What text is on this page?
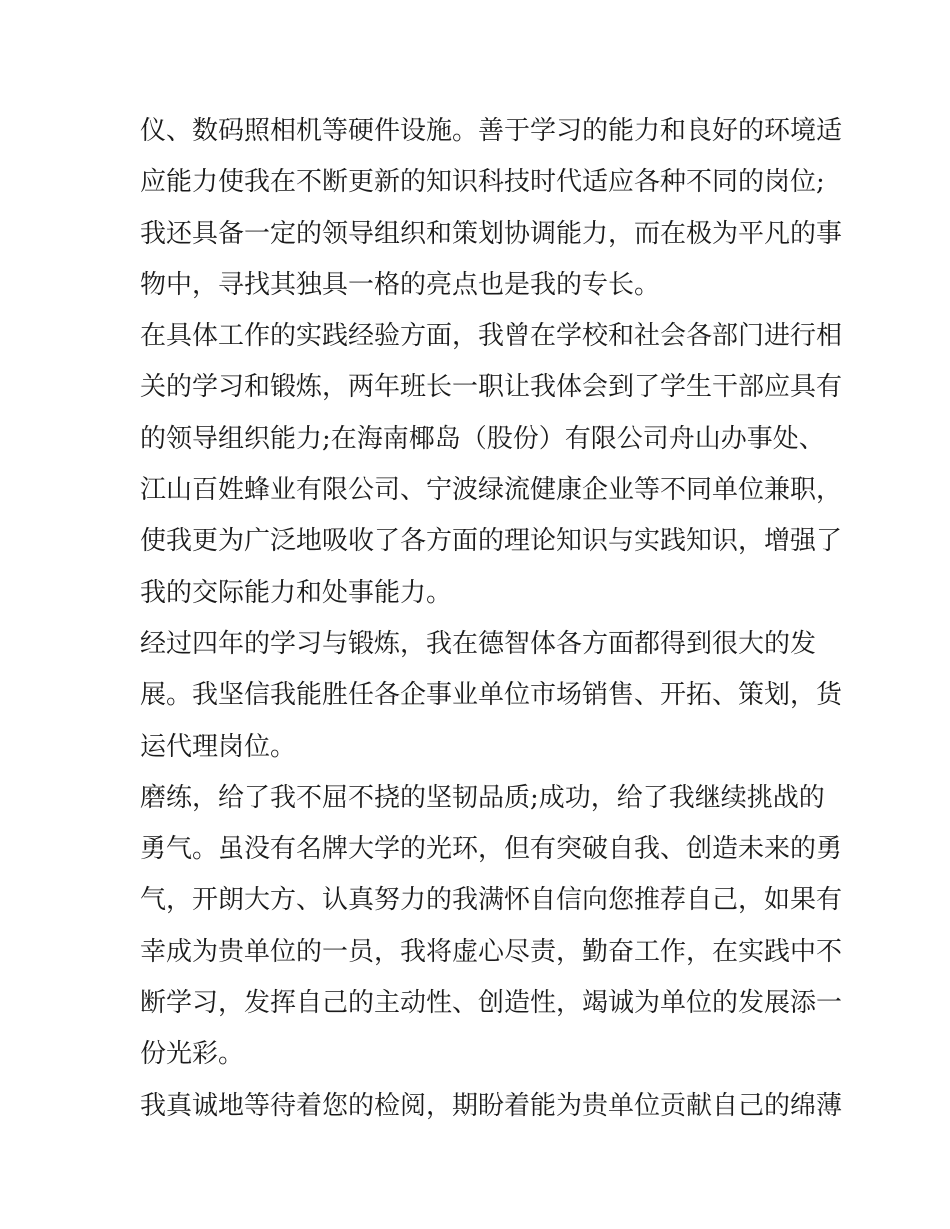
仪、数码照相机等硬件设施。善于学习的能力和良好的环境适
应能力使我在不断更新的知识科技时代适应各种不同的岗位;
我还具备一定的领导组织和策划协调能力，而在极为平凡的事
物中，寻找其独具一格的亮点也是我的专长。
在具体工作的实践经验方面，我曾在学校和社会各部门进行相
关的学习和锻炼，两年班长一职让我体会到了学生干部应具有
的领导组织能力;在海南椰岛（股份）有限公司舟山办事处、
江山百姓蜂业有限公司、宁波绿流健康企业等不同单位兼职，
使我更为广泛地吸收了各方面的理论知识与实践知识，增强了
我的交际能力和处事能力。
经过四年的学习与锻炼，我在德智体各方面都得到很大的发
展。我坚信我能胜任各企事业单位市场销售、开拓、策划，货
运代理岗位。
磨练，给了我不屈不挠的坚韧品质;成功，给了我继续挑战的
勇气。虽没有名牌大学的光环，但有突破自我、创造未来的勇
气，开朗大方、认真努力的我满怀自信向您推荐自己，如果有
幸成为贵单位的一员，我将虚心尽责，勤奋工作，在实践中不
断学习，发挥自己的主动性、创造性，竭诚为单位的发展添一
份光彩。
我真诚地等待着您的检阅，期盼着能为贵单位贡献自己的绵薄
